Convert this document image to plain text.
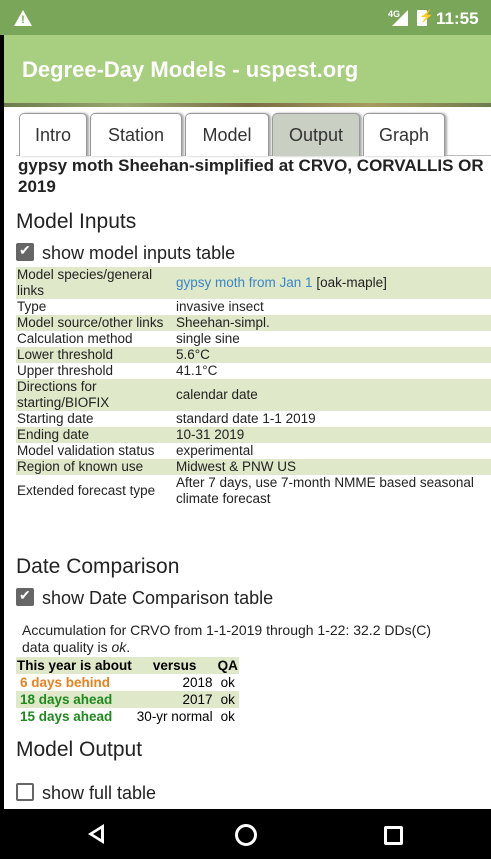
!	4G ⚡ 11:55
Degree-Day Models - uspest.org
Intro	Station	Model	Output	Graph
gypsy moth Sheehan-simplified at CRVO, CORVALLIS OR
2019
Model Inputs
✔
show model inputs table
Model species/general links	gypsy moth from Jan 1 [oak-maple]
Type	invasive insect
Model source/other links	Sheehan-simpl.
Calculation method	single sine
Lower threshold	5.6°C
Upper threshold	41.1°C
Directions for starting/BIOFIX	calendar date
Starting date	standard date 1-1 2019
Ending date	10-31 2019
Model validation status	experimental
Region of known use	Midwest & PNW US
Extended forecast type	After 7 days, use 7-month NMME based seasonal climate forecast
Date Comparison
✔
show Date Comparison table
Accumulation for CRVO from 1-1-2019 through 1-22: 32.2 DDs(C)
data quality is ok.
This year is about	versus	QA
6 days behind	2018	ok
18 days ahead	2017	ok
15 days ahead	30-yr normal	ok
Model Output
show full table
